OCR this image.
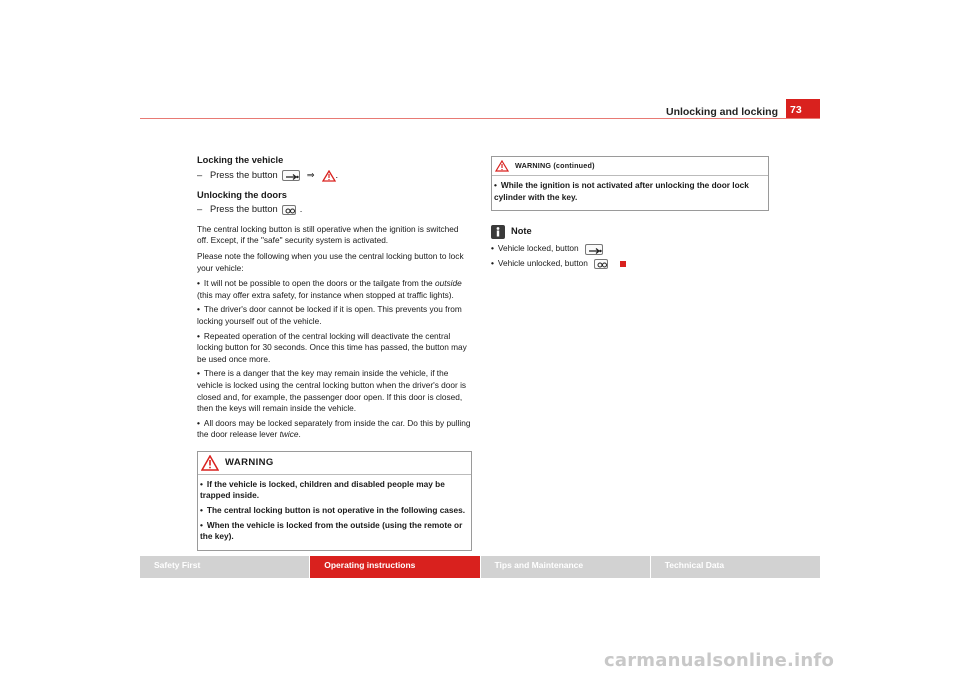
Unlocking and locking	73
Locking the vehicle
– Press the button	⇒ .
Unlocking the doors
– Press the button .

The central locking button is still operative when the ignition is switched off. Except, if the "safe" security system is activated.

Please note the following when you use the central locking button to lock your vehicle:

• It will not be possible to open the doors or the tailgate from the outside (this may offer extra safety, for instance when stopped at traffic lights).
• The driver's door cannot be locked if it is open. This prevents you from locking yourself out of the vehicle.
• Repeated operation of the central locking will deactivate the central locking button for 30 seconds. Once this time has passed, the button may be used once more.
• There is a danger that the key may remain inside the vehicle, if the vehicle is locked using the central locking button when the driver's door is closed and, for example, the passenger door open. If this door is closed, then the keys will remain inside the vehicle.
• All doors may be locked separately from inside the car. Do this by pulling the door release lever twice.
WARNING
• If the vehicle is locked, children and disabled people may be trapped inside.
• The central locking button is not operative in the following cases.
• When the vehicle is locked from the outside (using the remote or the key).
WARNING (continued)
• While the ignition is not activated after unlocking the door lock cylinder with the key.
Note
• Vehicle locked, button
• Vehicle unlocked, button

Safety First	Operating instructions	Tips and Maintenance	Technical Data
carmanualsonline.info
